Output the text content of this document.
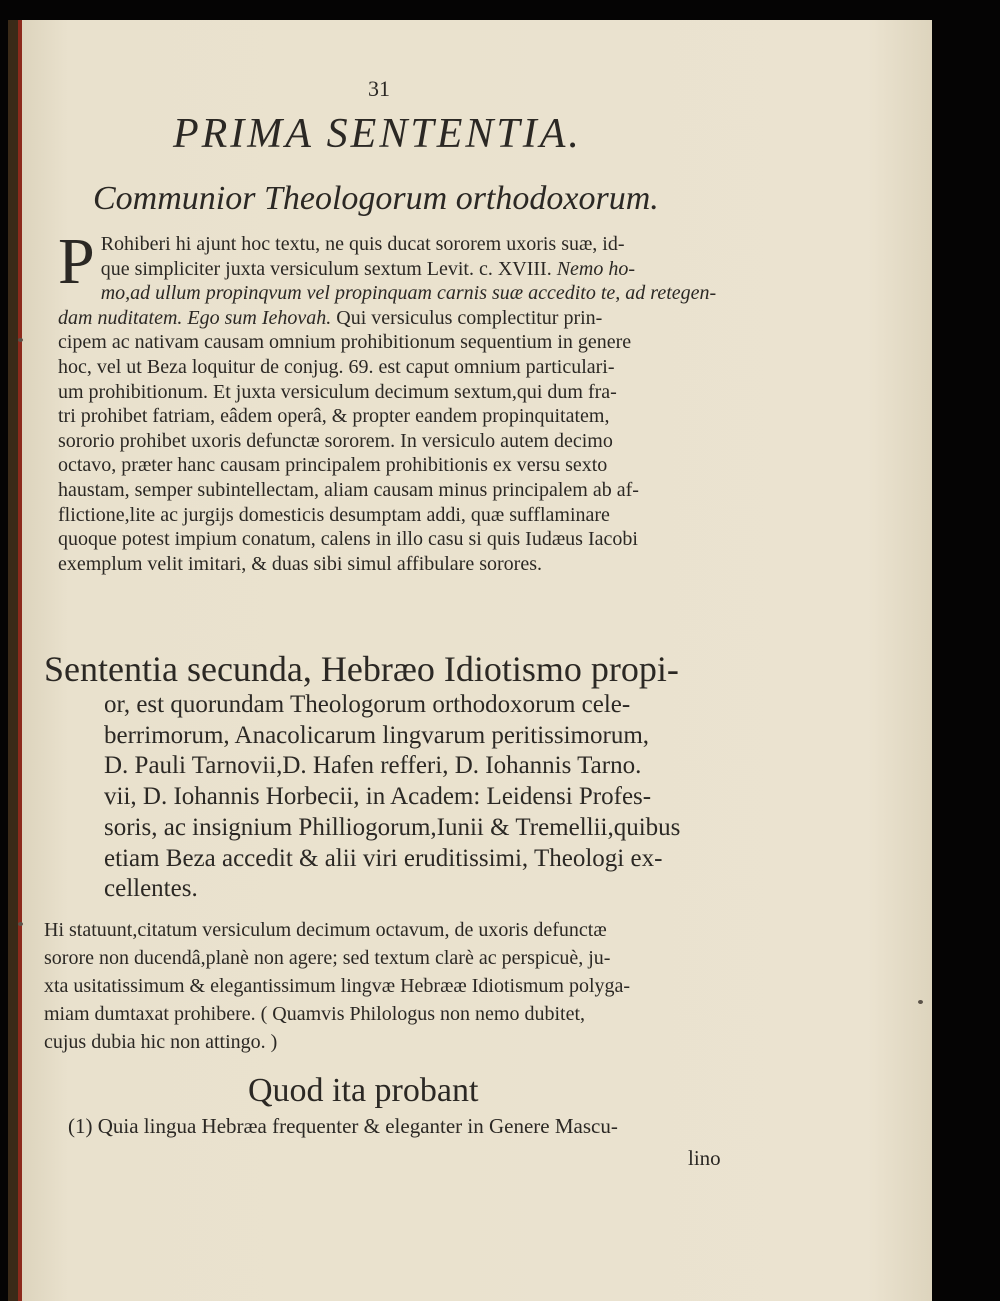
31
PRIMA SENTENTIA.
Communior Theologorum orthodoxorum.
P Rohiberi hi ajunt hoc textu, ne quis ducat sororem uxoris suæ, id-
que simpliciter juxta versiculum sextum Levit. c. XVIII. Nemo ho-
mo,ad ullum propinqvum vel propinquam carnis suæ accedito te, ad retegen-
dam nuditatem. Ego sum Iehovah. Qui versiculus complectitur prin-
cipem ac nativam causam omnium prohibitionum sequentium in genere
hoc, vel ut Beza loquitur de conjug. 69. est caput omnium particulari-
um prohibitionum. Et juxta versiculum decimum sextum,qui dum fra-
tri prohibet fatriam, eâdem operâ, & propter eandem propinquitatem,
sororio prohibet uxoris defunctæ sororem. In versiculo autem decimo
octavo, præter hanc causam principalem prohibitionis ex versu sexto
haustam, semper subintellectam, aliam causam minus principalem ab af-
flictione,lite ac jurgijs domesticis desumptam addi, quæ sufflaminare
quoque potest impium conatum, calens in illo casu si quis Iudæus Iacobi
exemplum velit imitari, & duas sibi simul affibulare sorores.
Sententia secunda, Hebræo Idiotismo propi-
or, est quorundam Theologorum orthodoxorum cele-
berrimorum, Anacolicarum lingvarum peritissimorum,
D. Pauli Tarnovii,D. Hafen refferi, D. Iohannis Tarno.
vii, D. Iohannis Horbecii, in Academ: Leidensi Profes-
soris, ac insignium Philliogorum,Iunii & Tremellii,quibus
etiam Beza accedit & alii viri eruditissimi, Theologi ex-
cellentes.
Hi statuunt,citatum versiculum decimum octavum, de uxoris defunctæ
sorore non ducendâ,planè non agere; sed textum clarè ac perspicuè, ju-
xta usitatissimum & elegantissimum lingvæ Hebrææ Idiotismum polyga-
miam dumtaxat prohibere. ( Quamvis Philologus non nemo dubitet,
cujus dubia hic non attingo. )
Quod ita probant
(1) Quia lingua Hebræa frequenter & eleganter in Genere Mascu-
lino
